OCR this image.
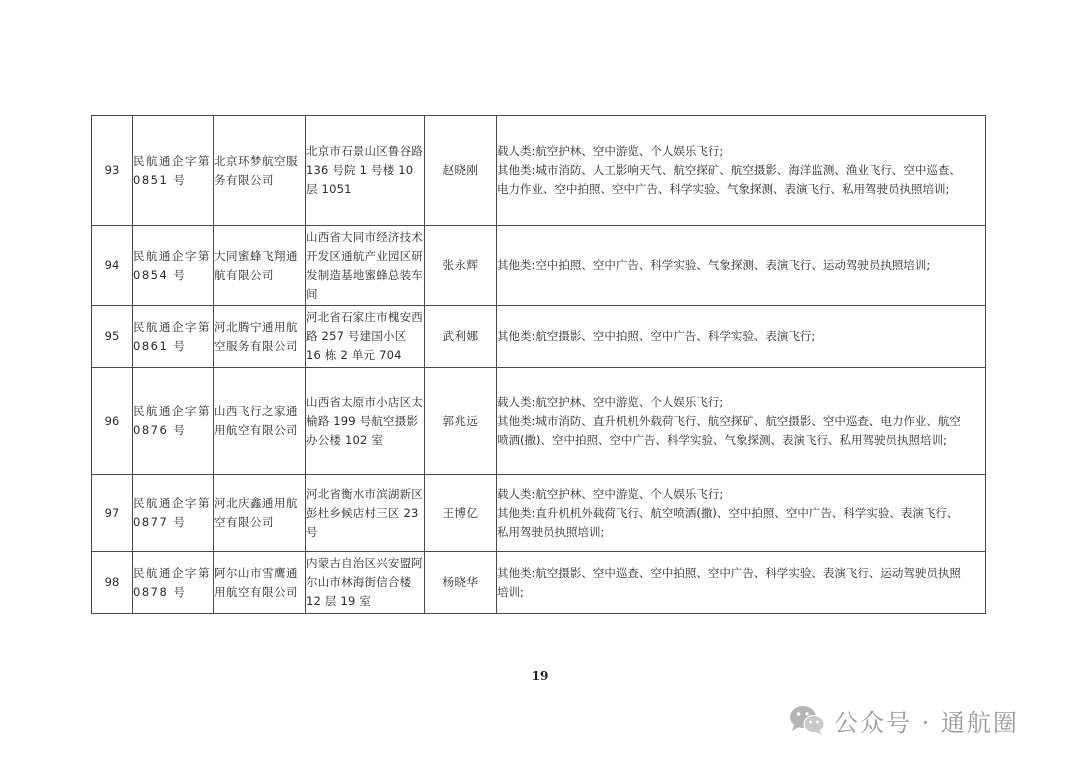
93	民航通企字第 0851 号	北京环梦航空服务有限公司	北京市石景山区鲁谷路 136 号院 1 号楼 10 层 1051	赵晓刚	载人类:航空护林、空中游览、个人娱乐飞行;
其他类:城市消防、人工影响天气、航空探矿、航空摄影、海洋监测、渔业飞行、空中巡查、
电力作业、空中拍照、空中广告、科学实验、气象探测、表演飞行、私用驾驶员执照培训;

94	民航通企字第 0854 号	大同蜜蜂飞翔通航有限公司	山西省大同市经济技术开发区通航产业园区研发制造基地蜜蜂总装车间	张永辉	其他类:空中拍照、空中广告、科学实验、气象探测、表演飞行、运动驾驶员执照培训;

95	民航通企字第 0861 号	河北腾宁通用航空服务有限公司	河北省石家庄市槐安西路 257 号建国小区 16 栋 2 单元 704	武利娜	其他类:航空摄影、空中拍照、空中广告、科学实验、表演飞行;

96	民航通企字第 0876 号	山西飞行之家通用航空有限公司	山西省太原市小店区太榆路 199 号航空摄影办公楼 102 室	郭兆远	载人类:航空护林、空中游览、个人娱乐飞行;
其他类:城市消防、直升机机外载荷飞行、航空探矿、航空摄影、空中巡查、电力作业、航空
喷洒(撒)、空中拍照、空中广告、科学实验、气象探测、表演飞行、私用驾驶员执照培训;

97	民航通企字第 0877 号	河北庆鑫通用航空有限公司	河北省衡水市滨湖新区彭杜乡候店村三区 23 号	王博亿	载人类:航空护林、空中游览、个人娱乐飞行;
其他类:直升机机外载荷飞行、航空喷洒(撒)、空中拍照、空中广告、科学实验、表演飞行、
私用驾驶员执照培训;

98	民航通企字第 0878 号	阿尔山市雪鹰通用航空有限公司	内蒙古自治区兴安盟阿尔山市林海街信合楼 12 层 19 室	杨晓华	其他类:航空摄影、空中巡查、空中拍照、空中广告、科学实验、表演飞行、运动驾驶员执照
培训;
19
公众号 · 通航圈
